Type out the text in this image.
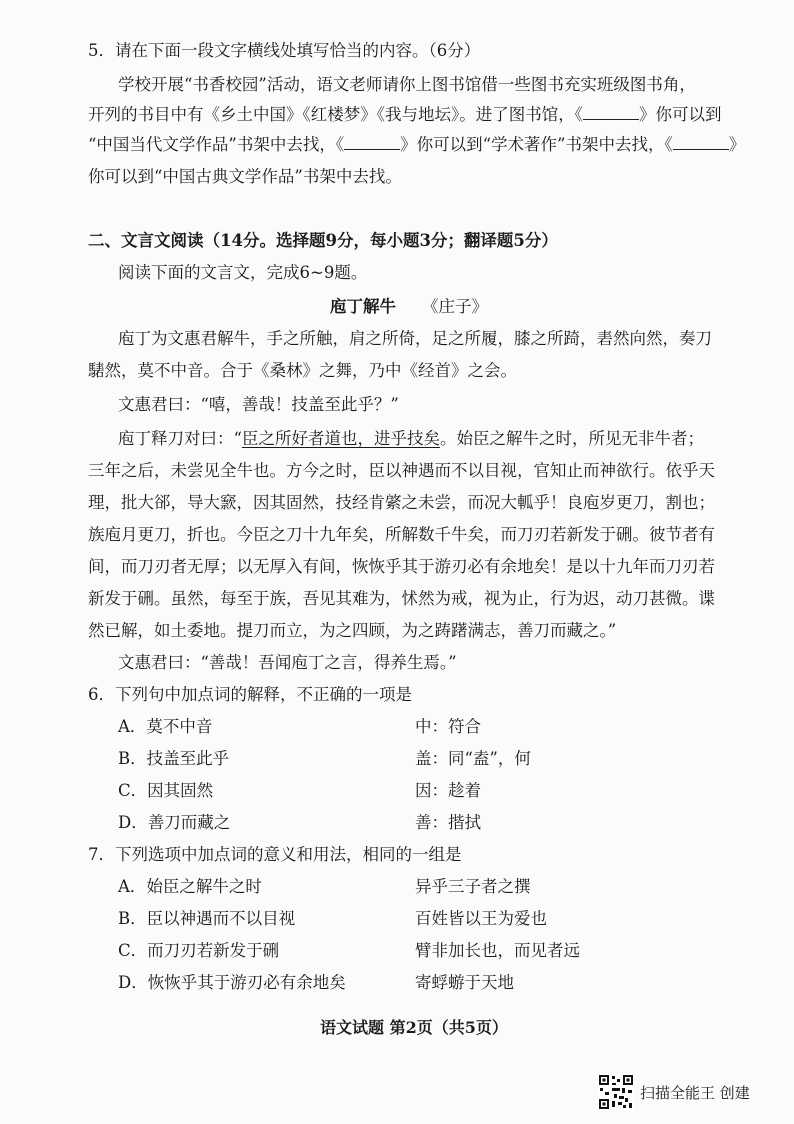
5．请在下面一段文字横线处填写恰当的内容。（6分）
学校开展“书香校园”活动，语文老师请你上图书馆借一些图书充实班级图书角，
开列的书目中有《乡土中国》《红楼梦》《我与地坛》。进了图书馆，《	》你可以到
“中国当代文学作品”书架中去找，《	》你可以到“学术著作”书架中去找，《	》
你可以到“中国古典文学作品”书架中去找。
二、文言文阅读（14分。选择题9分，每小题3分；翻译题5分）
阅读下面的文言文，完成6~9题。
庖丁解牛 《庄子》
庖丁为文惠君解牛，手之所触，肩之所倚，足之所履，膝之所踦，砉然向然，奏刀
騞然，莫不中音。合于《桑林》之舞，乃中《经首》之会。
文惠君曰：“嘻，善哉！技盖至此乎？”
庖丁释刀对曰：“臣之所好者道也，进乎技矣。始臣之解牛之时，所见无非牛者；
三年之后，未尝见全牛也。方今之时，臣以神遇而不以目视，官知止而神欲行。依乎天
理，批大郤，导大窾，因其固然，技经肯綮之未尝，而况大軱乎！良庖岁更刀，割也；
族庖月更刀，折也。今臣之刀十九年矣，所解数千牛矣，而刀刃若新发于硎。彼节者有
间，而刀刃者无厚；以无厚入有间，恢恢乎其于游刃必有余地矣！是以十九年而刀刃若
新发于硎。虽然，每至于族，吾见其难为，怵然为戒，视为止，行为迟，动刀甚微。谍
然已解，如土委地。提刀而立，为之四顾，为之踌躇满志，善刀而藏之。”
文惠君曰：“善哉！吾闻庖丁之言，得养生焉。”
6．下列句中加点词的解释，不正确的一项是
A．莫不中音	中：符合
B．技盖至此乎	盖：同“盍”，何
C．因其固然	因：趁着
D．善刀而藏之	善：揩拭
7．下列选项中加点词的意义和用法，相同的一组是
A．始臣之解牛之时	异乎三子者之撰
B．臣以神遇而不以目视	百姓皆以王为爱也
C．而刀刃若新发于硎	臂非加长也，而见者远
D．恢恢乎其于游刃必有余地矣	寄蜉蝣于天地
语文试题 第2页（共5页）
扫描全能王 创建
